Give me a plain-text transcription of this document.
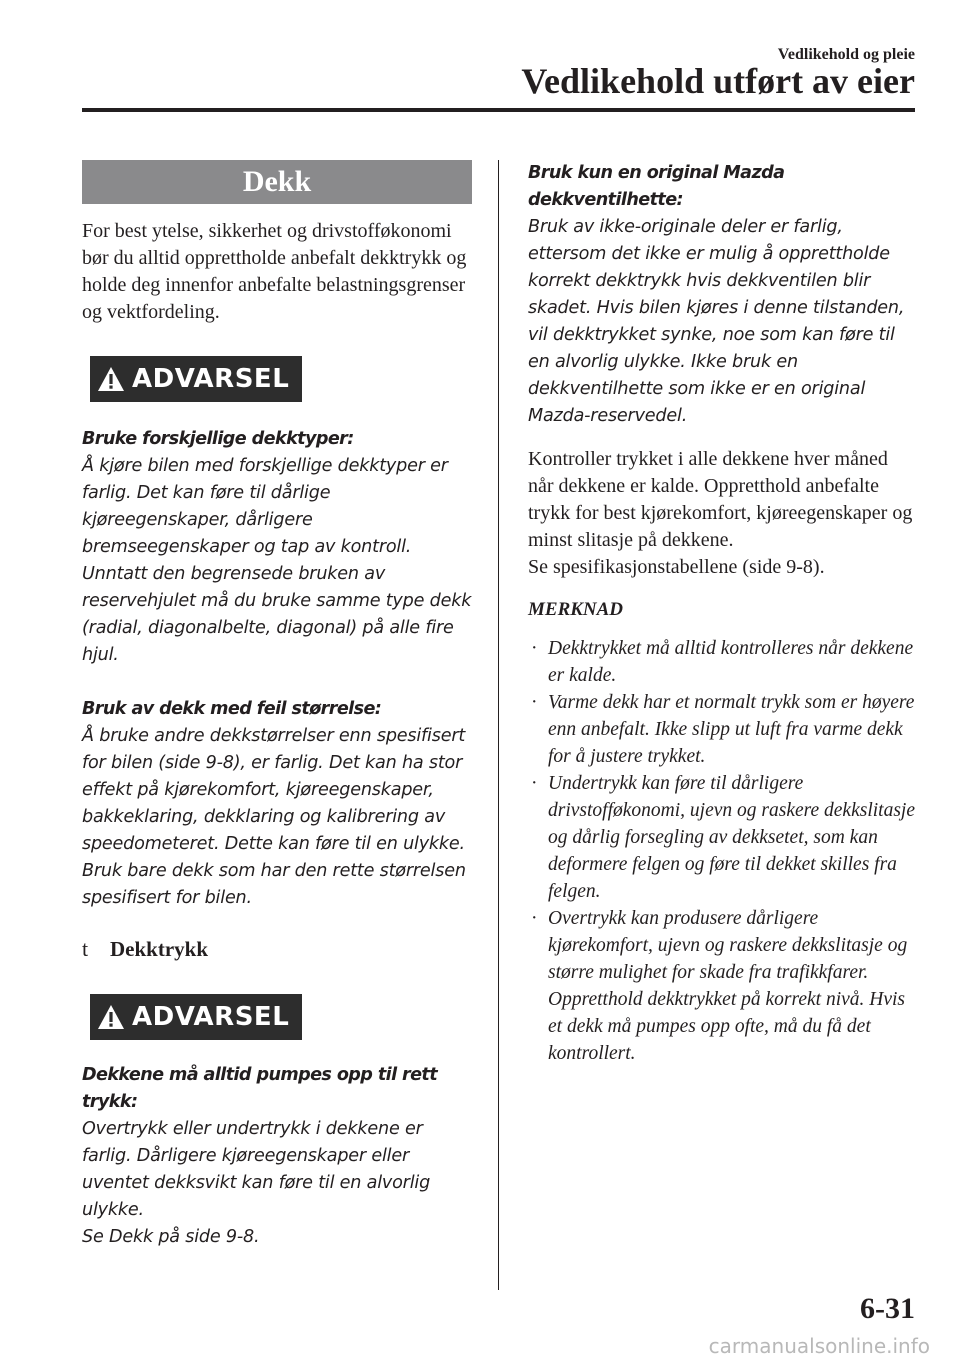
Vedlikehold og pleie
Vedlikehold utført av eier
Dekk

For best ytelse, sikkerhet og drivstofføkonomi bør du alltid opprettholde anbefalt dekktrykk og holde deg innenfor anbefalte belastningsgrenser og vektfordeling.

ADVARSEL

Bruke forskjellige dekktyper:

Å kjøre bilen med forskjellige dekktyper er farlig. Det kan føre til dårlige kjøreegenskaper, dårligere bremseegenskaper og tap av kontroll. Unntatt den begrensede bruken av reservehjulet må du bruke samme type dekk (radial, diagonalbelte, diagonal) på alle fire hjul.

Bruk av dekk med feil størrelse:

Å bruke andre dekkstørrelser enn spesifisert for bilen (side 9-8), er farlig. Det kan ha stor effekt på kjørekomfort, kjøreegenskaper, bakkeklaring, dekklaring og kalibrering av speedometeret. Dette kan føre til en ulykke. Bruk bare dekk som har den rette størrelsen spesifisert for bilen.

t Dekktrykk
ADVARSEL

Dekkene må alltid pumpes opp til rett trykk:

Overtrykk eller undertrykk i dekkene er farlig. Dårligere kjøreegenskaper eller uventet dekksvikt kan føre til en alvorlig ulykke.

Se Dekk på side 9-8.

Bruk kun en original Mazda dekkventilhette:

Bruk av ikke-originale deler er farlig, ettersom det ikke er mulig å opprettholde korrekt dekktrykk hvis dekkventilen blir skadet. Hvis bilen kjøres i denne tilstanden, vil dekktrykket synke, noe som kan føre til en alvorlig ulykke. Ikke bruk en dekkventilhette som ikke er en original Mazda-reservedel.

Kontroller trykket i alle dekkene hver måned når dekkene er kalde. Oppretthold anbefalte trykk for best kjørekomfort, kjøreegenskaper og minst slitasje på dekkene.

Se spesifikasjonstabellene (side 9-8).

MERKNAD

· Dekktrykket må alltid kontrolleres når dekkene er kalde.
· Varme dekk har et normalt trykk som er høyere enn anbefalt. Ikke slipp ut luft fra varme dekk for å justere trykket.
· Undertrykk kan føre til dårligere drivstofføkonomi, ujevn og raskere dekkslitasje og dårlig forsegling av dekksetet, som kan deformere felgen og føre til dekket skilles fra felgen.
· Overtrykk kan produsere dårligere kjørekomfort, ujevn og raskere dekkslitasje og større mulighet for skade fra trafikkfarer.

Oppretthold dekktrykket på korrekt nivå. Hvis et dekk må pumpes opp ofte, må du få det kontrollert.

6-31
carmanualsonline.info
